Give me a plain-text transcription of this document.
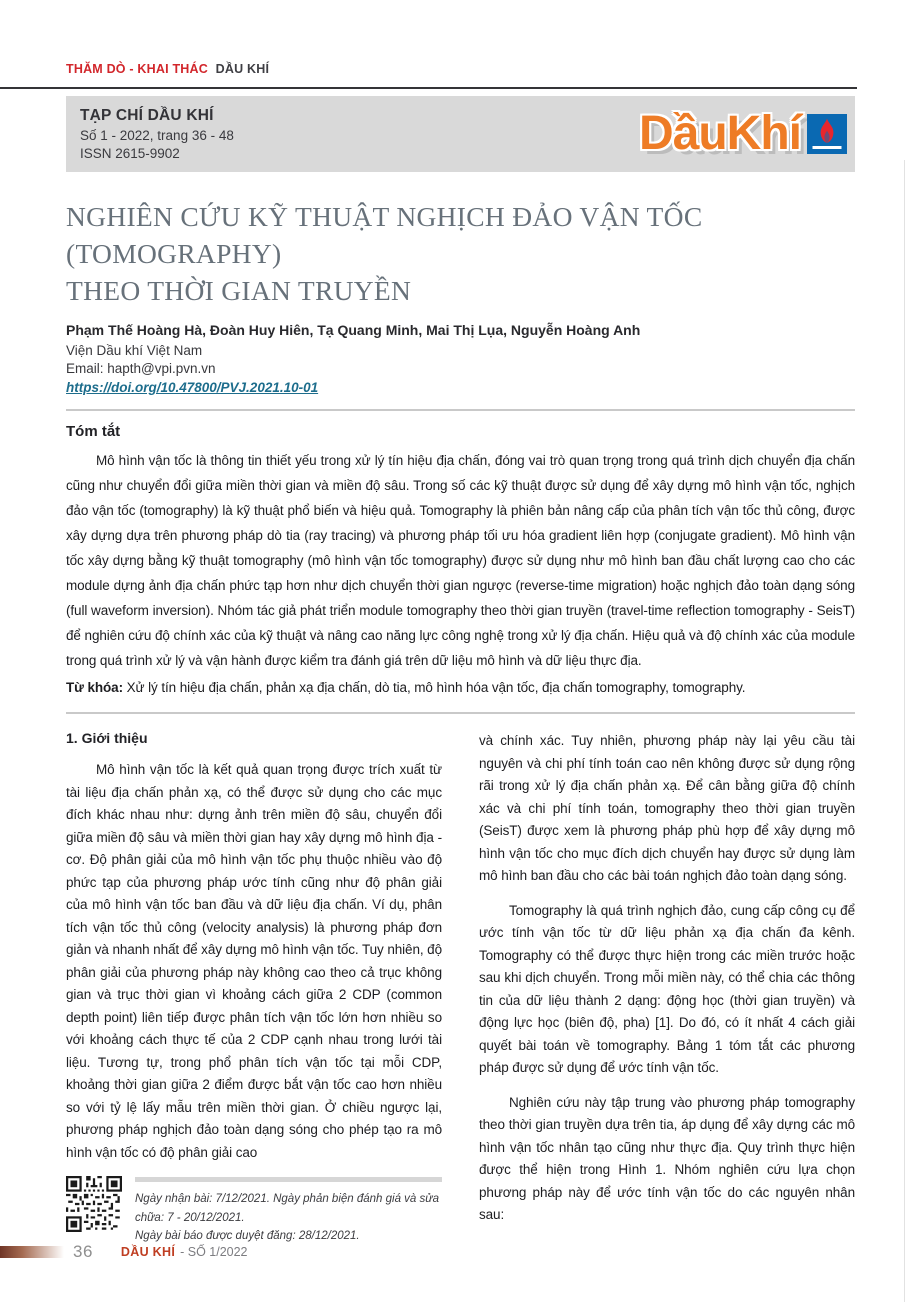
THĂM DÒ - KHAI THÁC DẦU KHÍ
TẠP CHÍ DẦU KHÍ
Số 1 - 2022, trang 36 - 48
ISSN 2615-9902	DầuKhí
NGHIÊN CỨU KỸ THUẬT NGHỊCH ĐẢO VẬN TỐC (TOMOGRAPHY)
THEO THỜI GIAN TRUYỀN
Phạm Thế Hoàng Hà, Đoàn Huy Hiên, Tạ Quang Minh, Mai Thị Lụa, Nguyễn Hoàng Anh
Viện Dầu khí Việt Nam
Email: hapth@vpi.pvn.vn
https://doi.org/10.47800/PVJ.2021.10-01
Tóm tắt

Mô hình vận tốc là thông tin thiết yếu trong xử lý tín hiệu địa chấn, đóng vai trò quan trọng trong quá trình dịch chuyển địa chấn cũng như chuyển đổi giữa miền thời gian và miền độ sâu. Trong số các kỹ thuật được sử dụng để xây dựng mô hình vận tốc, nghịch đảo vận tốc (tomography) là kỹ thuật phổ biến và hiệu quả. Tomography là phiên bản nâng cấp của phân tích vận tốc thủ công, được xây dựng dựa trên phương pháp dò tia (ray tracing) và phương pháp tối ưu hóa gradient liên hợp (conjugate gradient). Mô hình vận tốc xây dựng bằng kỹ thuật tomography (mô hình vận tốc tomography) được sử dụng như mô hình ban đầu chất lượng cao cho các module dựng ảnh địa chấn phức tạp hơn như dịch chuyển thời gian ngược (reverse-time migration) hoặc nghịch đảo toàn dạng sóng (full waveform inversion). Nhóm tác giả phát triển module tomography theo thời gian truyền (travel-time reflection tomography - SeisT) để nghiên cứu độ chính xác của kỹ thuật và nâng cao năng lực công nghệ trong xử lý địa chấn. Hiệu quả và độ chính xác của module trong quá trình xử lý và vận hành được kiểm tra đánh giá trên dữ liệu mô hình và dữ liệu thực địa.

Từ khóa: Xử lý tín hiệu địa chấn, phản xạ địa chấn, dò tia, mô hình hóa vận tốc, địa chấn tomography, tomography.

1. Giới thiệu

Mô hình vận tốc là kết quả quan trọng được trích xuất từ tài liệu địa chấn phản xạ, có thể được sử dụng cho các mục đích khác nhau như: dựng ảnh trên miền độ sâu, chuyển đổi giữa miền độ sâu và miền thời gian hay xây dựng mô hình địa - cơ. Độ phân giải của mô hình vận tốc phụ thuộc nhiều vào độ phức tạp của phương pháp ước tính cũng như độ phân giải của mô hình vận tốc ban đầu và dữ liệu địa chấn. Ví dụ, phân tích vận tốc thủ công (velocity analysis) là phương pháp đơn giản và nhanh nhất để xây dựng mô hình vận tốc. Tuy nhiên, độ phân giải của phương pháp này không cao theo cả trục không gian và trục thời gian vì khoảng cách giữa 2 CDP (common depth point) liên tiếp được phân tích vận tốc lớn hơn nhiều so với khoảng cách thực tế của 2 CDP cạnh nhau trong lưới tài liệu. Tương tự, trong phổ phân tích vận tốc tại mỗi CDP, khoảng thời gian giữa 2 điểm được bắt vận tốc cao hơn nhiều so với tỷ lệ lấy mẫu trên miền thời gian. Ở chiều ngược lại, phương pháp nghịch đảo toàn dạng sóng cho phép tạo ra mô hình vận tốc có độ phân giải cao

Ngày nhận bài: 7/12/2021. Ngày phản biện đánh giá và sửa chữa: 7 - 20/12/2021.
Ngày bài báo được duyệt đăng: 28/12/2021.

và chính xác. Tuy nhiên, phương pháp này lại yêu cầu tài nguyên và chi phí tính toán cao nên không được sử dụng rộng rãi trong xử lý địa chấn phản xạ. Để cân bằng giữa độ chính xác và chi phí tính toán, tomography theo thời gian truyền (SeisT) được xem là phương pháp phù hợp để xây dựng mô hình vận tốc cho mục đích dịch chuyển hay được sử dụng làm mô hình ban đầu cho các bài toán nghịch đảo toàn dạng sóng.

Tomography là quá trình nghịch đảo, cung cấp công cụ để ước tính vận tốc từ dữ liệu phản xạ địa chấn đa kênh. Tomography có thể được thực hiện trong các miền trước hoặc sau khi dịch chuyển. Trong mỗi miền này, có thể chia các thông tin của dữ liệu thành 2 dạng: động học (thời gian truyền) và động lực học (biên độ, pha) [1]. Do đó, có ít nhất 4 cách giải quyết bài toán về tomography. Bảng 1 tóm tắt các phương pháp được sử dụng để ước tính vận tốc.

Nghiên cứu này tập trung vào phương pháp tomography theo thời gian truyền dựa trên tia, áp dụng để xây dựng các mô hình vận tốc nhân tạo cũng như thực địa. Quy trình thực hiện được thể hiện trong Hình 1. Nhóm nghiên cứu lựa chọn phương pháp này để ước tính vận tốc do các nguyên nhân sau:

36 DẦU KHÍ - SỐ 1/2022
